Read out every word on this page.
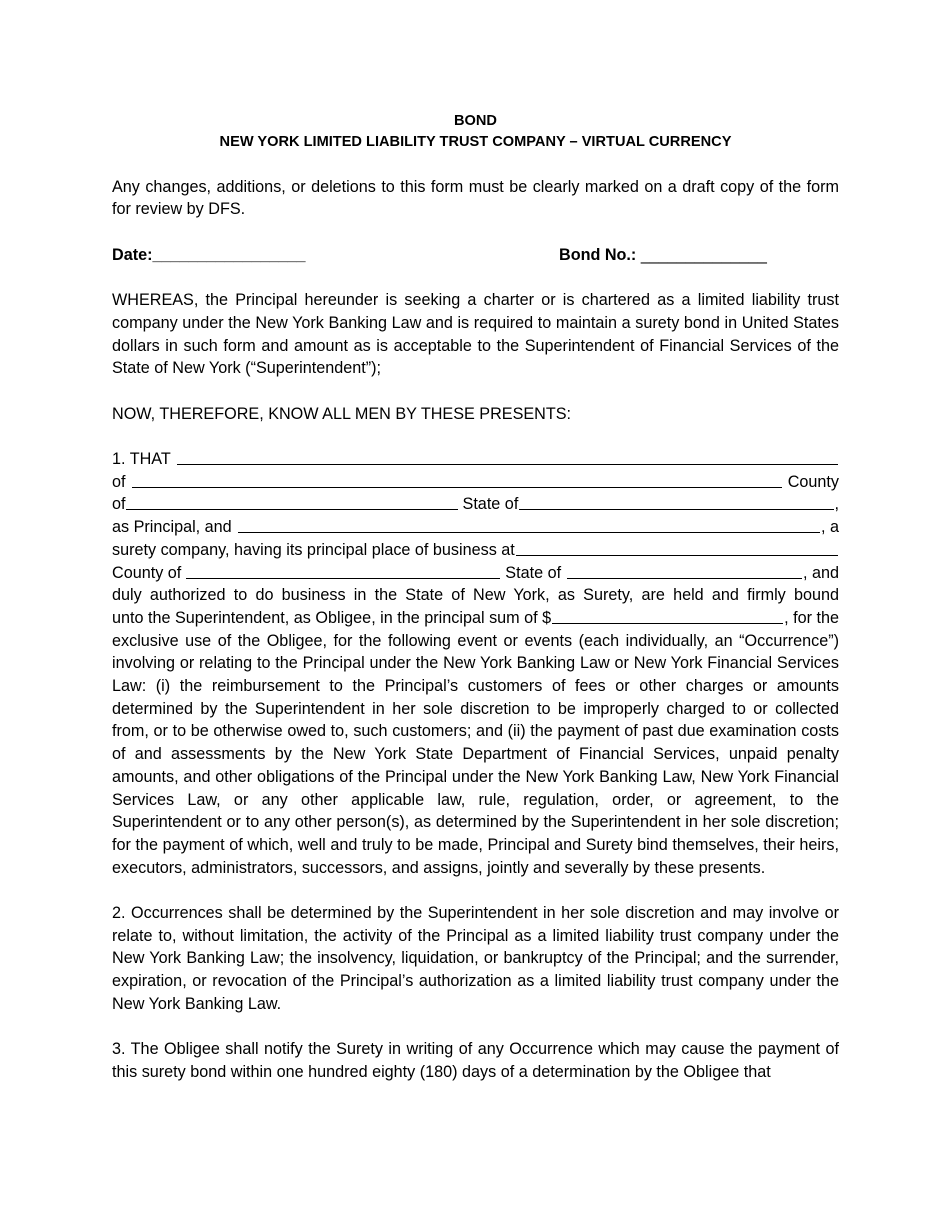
BOND
NEW YORK LIMITED LIABILITY TRUST COMPANY – VIRTUAL CURRENCY

Any changes, additions, or deletions to this form must be clearly marked on a draft copy of the form for review by DFS.

Date:_________________	Bond No.: ______________

WHEREAS, the Principal hereunder is seeking a charter or is chartered as a limited liability trust company under the New York Banking Law and is required to maintain a surety bond in United States dollars in such form and amount as is acceptable to the Superintendent of Financial Services of the State of New York (“Superintendent”);

NOW, THEREFORE, KNOW ALL MEN BY THESE PRESENTS:

1. THAT
of	County
of	State of	,
as Principal, and	, a
surety company, having its principal place of business at
County of	State of	, and
duly authorized to do business in the State of New York, as Surety, are held and firmly bound
unto the Superintendent, as Obligee, in the principal sum of $	, for the

exclusive use of the Obligee, for the following event or events (each individually, an “Occurrence”) involving or relating to the Principal under the New York Banking Law or New York Financial Services Law: (i) the reimbursement to the Principal’s customers of fees or other charges or amounts determined by the Superintendent in her sole discretion to be improperly charged to or collected from, or to be otherwise owed to, such customers; and (ii) the payment of past due examination costs of and assessments by the New York State Department of Financial Services, unpaid penalty amounts, and other obligations of the Principal under the New York Banking Law, New York Financial Services Law, or any other applicable law, rule, regulation, order, or agreement, to the Superintendent or to any other person(s), as determined by the Superintendent in her sole discretion; for the payment of which, well and truly to be made, Principal and Surety bind themselves, their heirs, executors, administrators, successors, and assigns, jointly and severally by these presents.

2. Occurrences shall be determined by the Superintendent in her sole discretion and may involve or relate to, without limitation, the activity of the Principal as a limited liability trust company under the New York Banking Law; the insolvency, liquidation, or bankruptcy of the Principal; and the surrender, expiration, or revocation of the Principal’s authorization as a limited liability trust company under the New York Banking Law.

3. The Obligee shall notify the Surety in writing of any Occurrence which may cause the payment of this surety bond within one hundred eighty (180) days of a determination by the Obligee that
